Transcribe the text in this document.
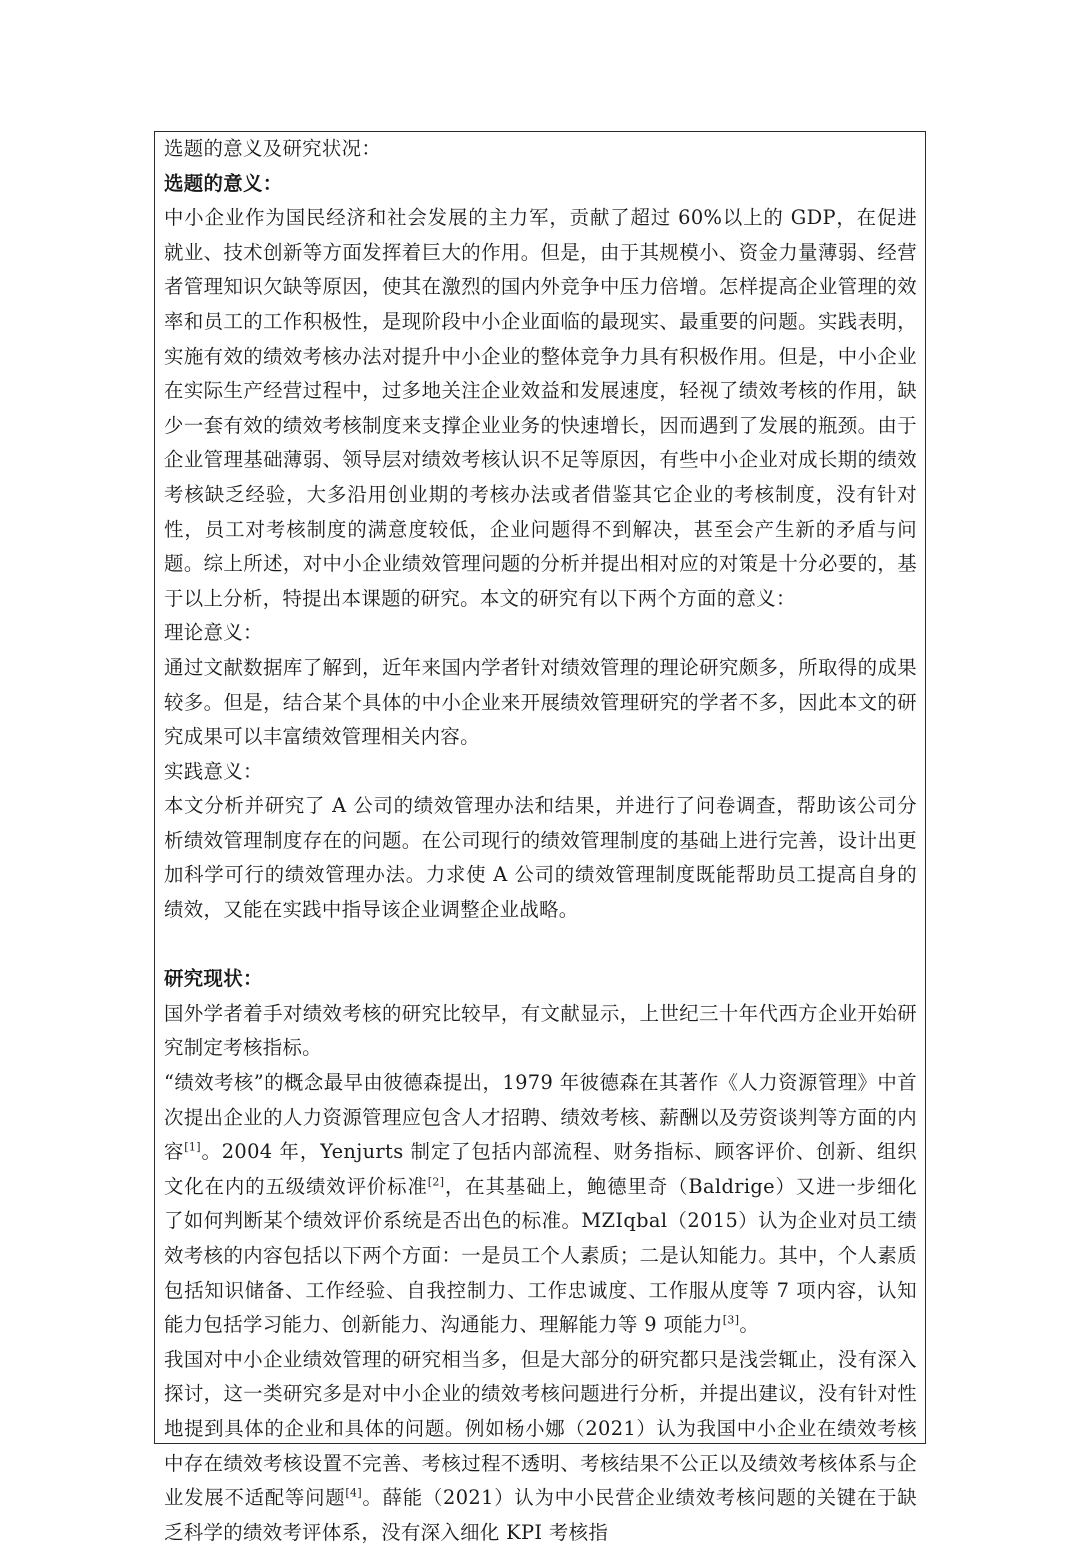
选题的意义及研究状况：

选题的意义：

中小企业作为国民经济和社会发展的主力军，贡献了超过 60%以上的 GDP，在促进就业、技术创新等方面发挥着巨大的作用。但是，由于其规模小、资金力量薄弱、经营者管理知识欠缺等原因，使其在激烈的国内外竞争中压力倍增。怎样提高企业管理的效率和员工的工作积极性，是现阶段中小企业面临的最现实、最重要的问题。实践表明，实施有效的绩效考核办法对提升中小企业的整体竞争力具有积极作用。但是，中小企业在实际生产经营过程中，过多地关注企业效益和发展速度，轻视了绩效考核的作用，缺少一套有效的绩效考核制度来支撑企业业务的快速增长，因而遇到了发展的瓶颈。由于企业管理基础薄弱、领导层对绩效考核认识不足等原因，有些中小企业对成长期的绩效考核缺乏经验，大多沿用创业期的考核办法或者借鉴其它企业的考核制度，没有针对性，员工对考核制度的满意度较低，企业问题得不到解决，甚至会产生新的矛盾与问题。综上所述，对中小企业绩效管理问题的分析并提出相对应的对策是十分必要的，基于以上分析，特提出本课题的研究。本文的研究有以下两个方面的意义：

理论意义：

通过文献数据库了解到，近年来国内学者针对绩效管理的理论研究颇多，所取得的成果较多。但是，结合某个具体的中小企业来开展绩效管理研究的学者不多，因此本文的研究成果可以丰富绩效管理相关内容。

实践意义：

本文分析并研究了 A 公司的绩效管理办法和结果，并进行了问卷调查，帮助该公司分析绩效管理制度存在的问题。在公司现行的绩效管理制度的基础上进行完善，设计出更加科学可行的绩效管理办法。力求使 A 公司的绩效管理制度既能帮助员工提高自身的绩效，又能在实践中指导该企业调整企业战略。

研究现状：

国外学者着手对绩效考核的研究比较早，有文献显示，上世纪三十年代西方企业开始研究制定考核指标。

“绩效考核”的概念最早由彼德森提出，1979 年彼德森在其著作《人力资源管理》中首次提出企业的人力资源管理应包含人才招聘、绩效考核、薪酬以及劳资谈判等方面的内容[1]。2004 年，Yenjurts 制定了包括内部流程、财务指标、顾客评价、创新、组织文化在内的五级绩效评价标准[2]，在其基础上，鲍德里奇（Baldrige）又进一步细化了如何判断某个绩效评价系统是否出色的标准。MZIqbal（2015）认为企业对员工绩效考核的内容包括以下两个方面：一是员工个人素质；二是认知能力。其中，个人素质包括知识储备、工作经验、自我控制力、工作忠诚度、工作服从度等 7 项内容，认知能力包括学习能力、创新能力、沟通能力、理解能力等 9 项能力[3]。

我国对中小企业绩效管理的研究相当多，但是大部分的研究都只是浅尝辄止，没有深入探讨，这一类研究多是对中小企业的绩效考核问题进行分析，并提出建议，没有针对性地提到具体的企业和具体的问题。例如杨小娜（2021）认为我国中小企业在绩效考核中存在绩效考核设置不完善、考核过程不透明、考核结果不公正以及绩效考核体系与企业发展不适配等问题[4]。薛能（2021）认为中小民营企业绩效考核问题的关键在于缺乏科学的绩效考评体系，没有深入细化 KPI 考核指
